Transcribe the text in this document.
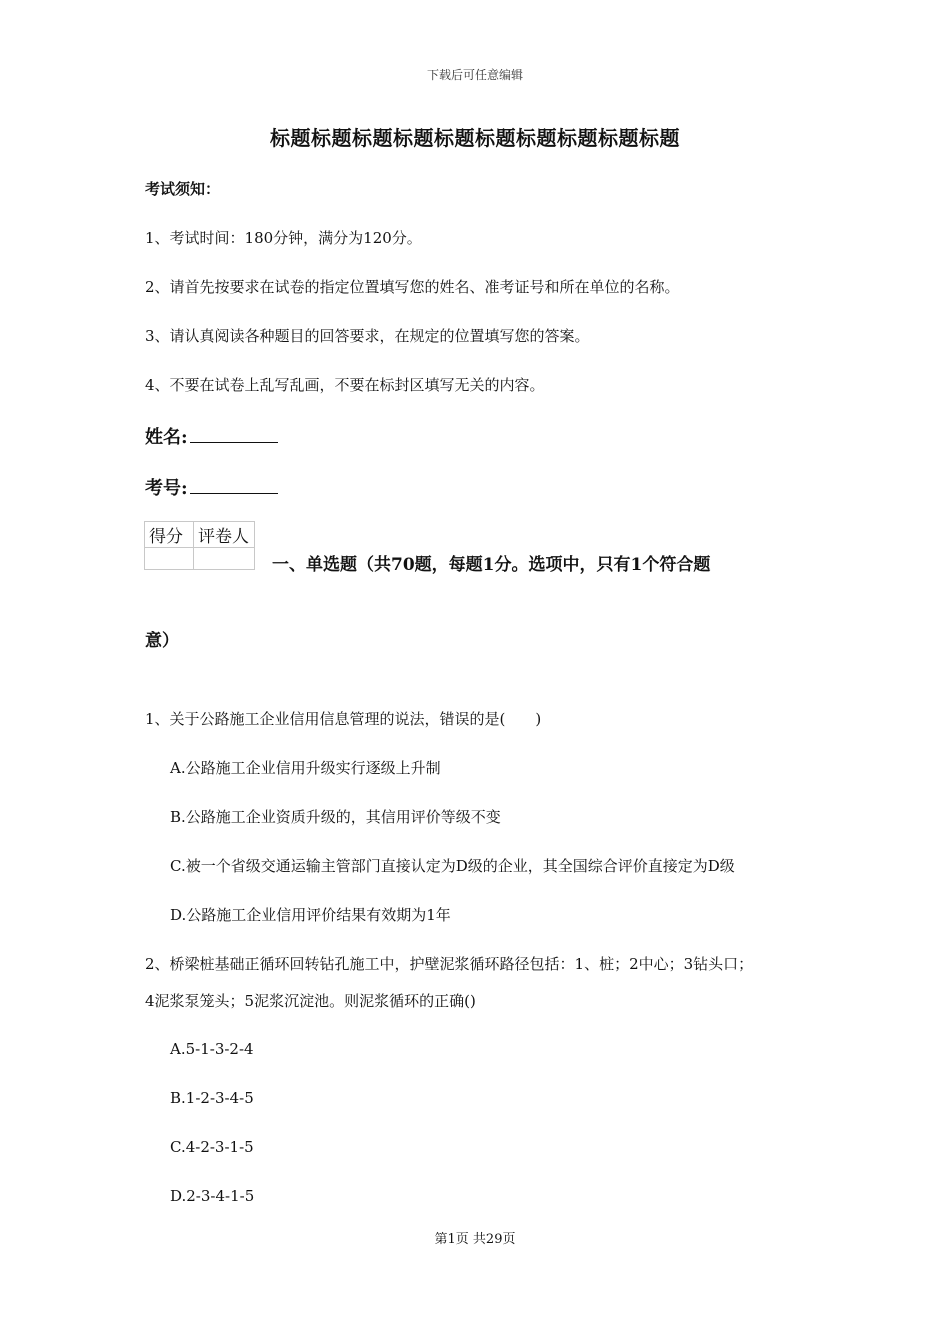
下载后可任意编辑
标题标题标题标题标题标题标题标题标题标题
考试须知：
1、考试时间：180分钟，满分为120分。
2、请首先按要求在试卷的指定位置填写您的姓名、准考证号和所在单位的名称。
3、请认真阅读各种题目的回答要求，在规定的位置填写您的答案。
4、不要在试卷上乱写乱画，不要在标封区填写无关的内容。
姓名:
考号:
得分	评卷人

一、单选题（共70题，每题1分。选项中，只有1个符合题
意）
1、关于公路施工企业信用信息管理的说法，错误的是(　　)
A.公路施工企业信用升级实行逐级上升制
B.公路施工企业资质升级的，其信用评价等级不变
C.被一个省级交通运输主管部门直接认定为D级的企业，其全国综合评价直接定为D级
D.公路施工企业信用评价结果有效期为1年
2、桥梁桩基础正循环回转钻孔施工中，护壁泥浆循环路径包括：1、桩；2中心；3钻头口；
4泥浆泵笼头；5泥浆沉淀池。则泥浆循环的正确()
A.5-1-3-2-4
B.1-2-3-4-5
C.4-2-3-1-5
D.2-3-4-1-5
第1页 共29页
